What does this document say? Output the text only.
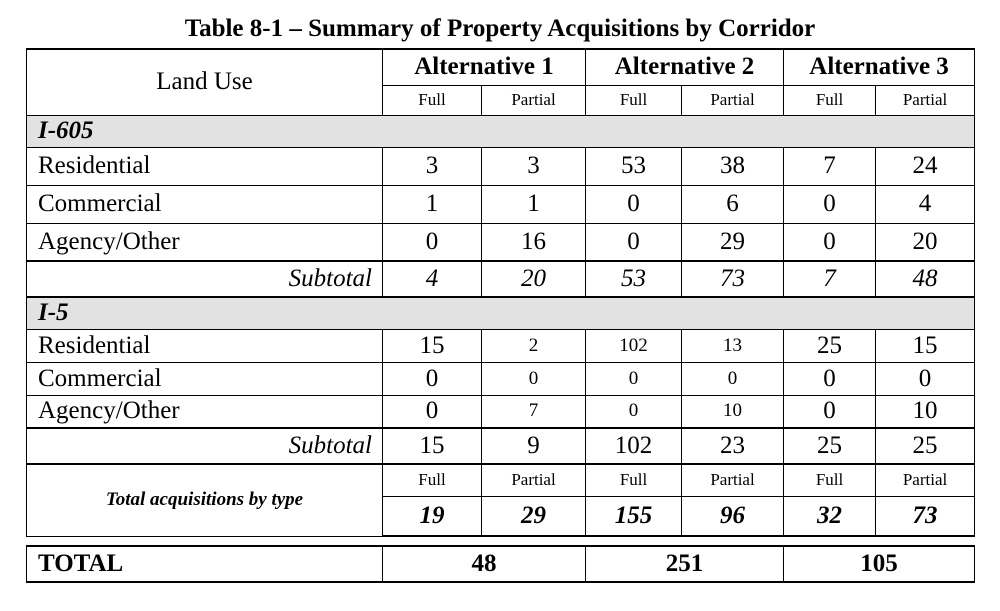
Table 8-1 – Summary of Property Acquisitions by Corridor
Land Use	Alternative 1		Alternative 2		Alternative 3	
	Full	Partial	Full	Partial	Full	Partial
I-605						
Residential	3	3	53	38	7	24
Commercial	1	1	0	6	0	4
Agency/Other	0	16	0	29	0	20
Subtotal	4	20	53	73	7	48
I-5						
Residential	15	2	102	13	25	15
Commercial	0	0	0	0	0	0
Agency/Other	0	7	0	10	0	10
Subtotal	15	9	102	23	25	25
Total acquisitions by type	Full	Partial	Full	Partial	Full	Partial
	19	29	155	96	32	73

TOTAL	48		251		105	
